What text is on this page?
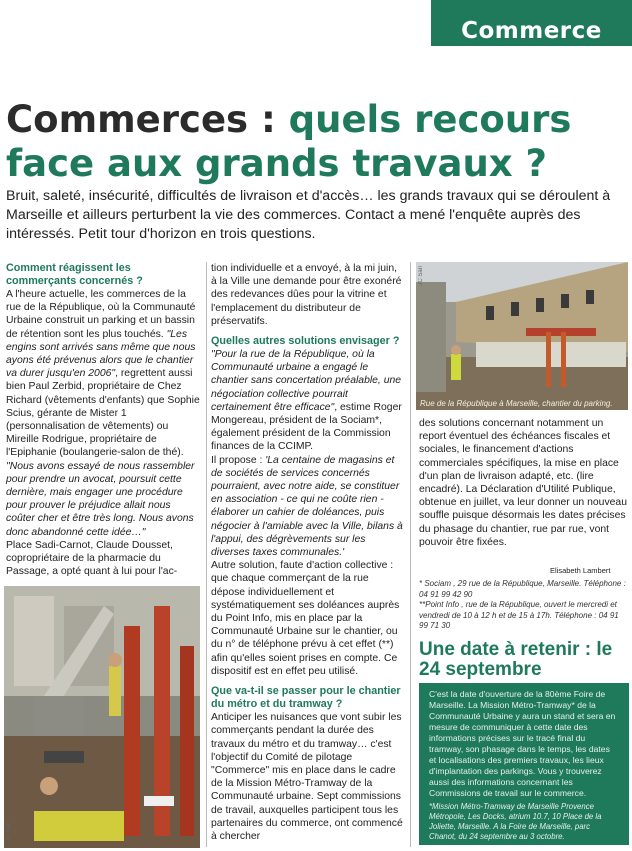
Commerce
Commerces : quels recours
face aux grands travaux ?
Bruit, saleté, insécurité, difficultés de livraison et d'accès… les grands travaux qui se déroulent à Marseille et ailleurs perturbent la vie des commerces. Contact a mené l'enquête auprès des intéressés. Petit tour d'horizon en trois questions.

Comment réagissent les commerçants concernés ?

A l'heure actuelle, les commerces de la rue de la République, où la Communauté Urbaine construit un parking et un bassin de rétention sont les plus touchés. "Les engins sont arrivés sans même que nous ayons été prévenus alors que le chantier va durer jusqu'en 2006", regrettent aussi bien Paul Zerbid, propriétaire de Chez Richard (vêtements d'enfants) que Sophie Scius, gérante de Mister 1 (personnalisation de vêtements) ou Mireille Rodrigue, propriétaire de l'Epiphanie (boulangerie-salon de thé). "Nous avons essayé de nous rassembler pour prendre un avocat, poursuit cette dernière, mais engager une procédure pour prouver le préjudice allait nous coûter cher et être très long. Nous avons donc abandonné cette idée…"

Place Sadi-Carnot, Claude Dousset, copropriétaire de la pharmacie du Passage, a opté quant à lui pour l'ac-

JC Sari

tion individuelle et a envoyé, à la mi juin, à la Ville une demande pour être exonéré des redevances dûes pour la vitrine et l'emplacement du distributeur de préservatifs.

Quelles autres solutions envisager ?

"Pour la rue de la République, où la Communauté urbaine a engagé le chantier sans concertation préalable, une négociation collective pourrait certainement être efficace", estime Roger Mongereau, président de la Sociam*, également président de la Commission finances de la CCIMP.

Il propose : 'La centaine de magasins et de sociétés de services concernés pourraient, avec notre aide, se constituer en association - ce qui ne coûte rien - élaborer un cahier de doléances, puis négocier à l'amiable avec la Ville, bilans à l'appui, des dégrèvements sur les diverses taxes communales.'

Autre solution, faute d'action collective : que chaque commerçant de la rue dépose individuellement et systématiquement ses doléances auprès du Point Info, mis en place par la Communauté Urbaine sur le chantier, ou du n° de téléphone prévu à cet effet (**) afin qu'elles soient prises en compte. Ce dispositif est en effet peu utilisé.

Que va-t-il se passer pour le chantier du métro et du tramway ?

Anticiper les nuisances que vont subir les commerçants pendant la durée des travaux du métro et du tramway… c'est l'objectif du Comité de pilotage "Commerce" mis en place dans le cadre de la Mission Métro-Tramway de la Communauté urbaine. Sept commissions de travail, auxquelles participent tous les partenaires du commerce, ont commencé à chercher

Rue de la République à Marseille, chantier du parking.
JC Sari

des solutions concernant notamment un report éventuel des échéances fiscales et sociales, le financement d'actions commerciales spécifiques, la mise en place d'un plan de livraison adapté, etc. (lire encadré). La Déclaration d'Utilité Publique, obtenue en juillet, va leur donner un nouveau souffle puisque désormais les dates précises du phasage du chantier, rue par rue, vont pouvoir être fixées.

Elisabeth Lambert

* Sociam , 29 rue de la République, Marseille. Téléphone : 04 91 99 42 90

**Point Info , rue de la République, ouvert le mercredi et vendredi de 10 à 12 h et de 15 à 17h. Téléphone : 04 91 99 71 30

Une date à retenir : le 24 septembre

C'est la date d'ouverture de la 80ème Foire de Marseille. La Mission Métro-Tramway* de la Communauté Urbaine y aura un stand et sera en mesure de communiquer à cette date des informations précises sur le tracé final du tramway, son phasage dans le temps, les dates et localisations des premiers travaux, les lieux d'implantation des parkings. Vous y trouverez aussi des informations concernant les Commissions de travail sur le commerce.

*Mission Métro-Tramway de Marseille Provence Métropole, Les Docks, atrium 10.7, 10 Place de la Joliette, Marseille. A la Foire de Marseille, parc Chanot, du 24 septembre au 3 octobre.
